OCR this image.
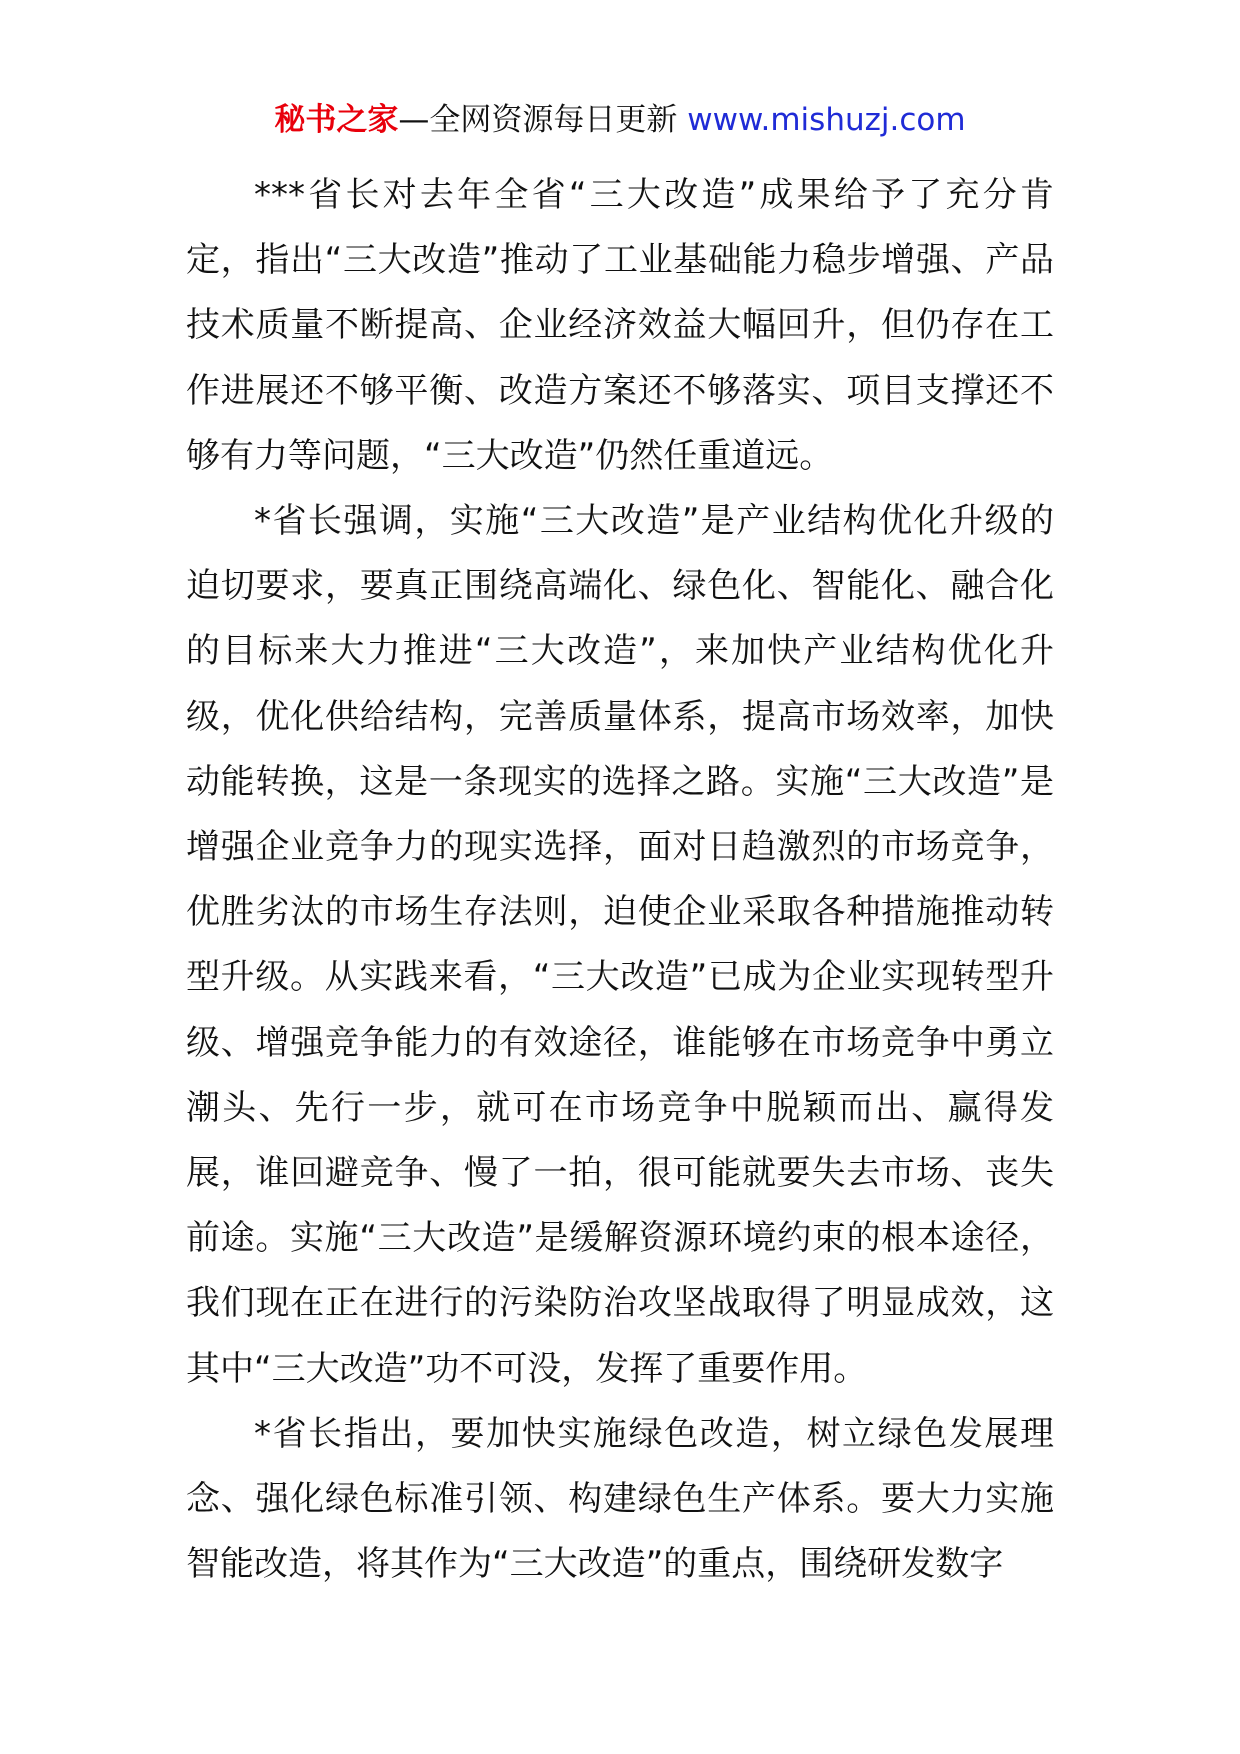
秘书之家—全网资源每日更新 www.mishuzj.com

***省长对去年全省“三大改造”成果给予了充分肯定，指出“三大改造”推动了工业基础能力稳步增强、产品技术质量不断提高、企业经济效益大幅回升，但仍存在工作进展还不够平衡、改造方案还不够落实、项目支撑还不够有力等问题，“三大改造”仍然任重道远。

*省长强调，实施“三大改造”是产业结构优化升级的迫切要求，要真正围绕高端化、绿色化、智能化、融合化的目标来大力推进“三大改造”，来加快产业结构优化升级，优化供给结构，完善质量体系，提高市场效率，加快动能转换，这是一条现实的选择之路。实施“三大改造”是增强企业竞争力的现实选择，面对日趋激烈的市场竞争，优胜劣汰的市场生存法则，迫使企业采取各种措施推动转型升级。从实践来看，“三大改造”已成为企业实现转型升级、增强竞争能力的有效途径，谁能够在市场竞争中勇立潮头、先行一步，就可在市场竞争中脱颖而出、赢得发展，谁回避竞争、慢了一拍，很可能就要失去市场、丧失前途。实施“三大改造”是缓解资源环境约束的根本途径，我们现在正在进行的污染防治攻坚战取得了明显成效，这其中“三大改造”功不可没，发挥了重要作用。

*省长指出，要加快实施绿色改造，树立绿色发展理念、强化绿色标准引领、构建绿色生产体系。要大力实施智能改造，将其作为“三大改造”的重点，围绕研发数字
